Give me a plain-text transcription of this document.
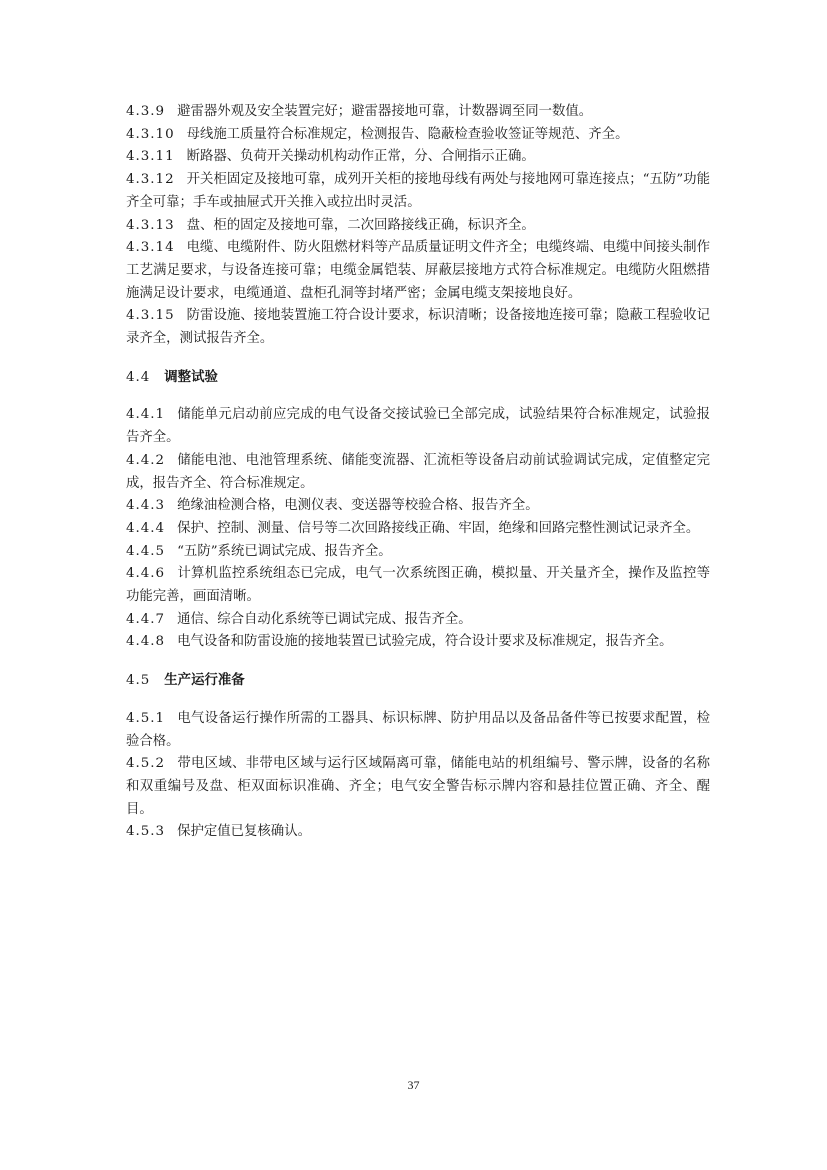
4.3.9 避雷器外观及安全装置完好；避雷器接地可靠，计数器调至同一数值。

4.3.10 母线施工质量符合标准规定，检测报告、隐蔽检查验收签证等规范、齐全。

4.3.11 断路器、负荷开关操动机构动作正常，分、合闸指示正确。

4.3.12 开关柜固定及接地可靠，成列开关柜的接地母线有两处与接地网可靠连接点；“五防”功能齐全可靠；手车或抽屉式开关推入或拉出时灵活。

4.3.13 盘、柜的固定及接地可靠，二次回路接线正确，标识齐全。

4.3.14 电缆、电缆附件、防火阻燃材料等产品质量证明文件齐全；电缆终端、电缆中间接头制作工艺满足要求，与设备连接可靠；电缆金属铠装、屏蔽层接地方式符合标准规定。电缆防火阻燃措施满足设计要求，电缆通道、盘柜孔洞等封堵严密；金属电缆支架接地良好。

4.3.15 防雷设施、接地装置施工符合设计要求，标识清晰；设备接地连接可靠；隐蔽工程验收记录齐全，测试报告齐全。

4.4 调整试验

4.4.1 储能单元启动前应完成的电气设备交接试验已全部完成，试验结果符合标准规定，试验报告齐全。

4.4.2 储能电池、电池管理系统、储能变流器、汇流柜等设备启动前试验调试完成，定值整定完成，报告齐全、符合标准规定。

4.4.3 绝缘油检测合格，电测仪表、变送器等校验合格、报告齐全。

4.4.4 保护、控制、测量、信号等二次回路接线正确、牢固，绝缘和回路完整性测试记录齐全。

4.4.5 “五防”系统已调试完成、报告齐全。

4.4.6 计算机监控系统组态已完成，电气一次系统图正确，模拟量、开关量齐全，操作及监控等功能完善，画面清晰。

4.4.7 通信、综合自动化系统等已调试完成、报告齐全。

4.4.8 电气设备和防雷设施的接地装置已试验完成，符合设计要求及标准规定，报告齐全。

4.5 生产运行准备

4.5.1 电气设备运行操作所需的工器具、标识标牌、防护用品以及备品备件等已按要求配置，检验合格。

4.5.2 带电区域、非带电区域与运行区域隔离可靠，储能电站的机组编号、警示牌，设备的名称和双重编号及盘、柜双面标识准确、齐全；电气安全警告标示牌内容和悬挂位置正确、齐全、醒目。

4.5.3 保护定值已复核确认。

37
